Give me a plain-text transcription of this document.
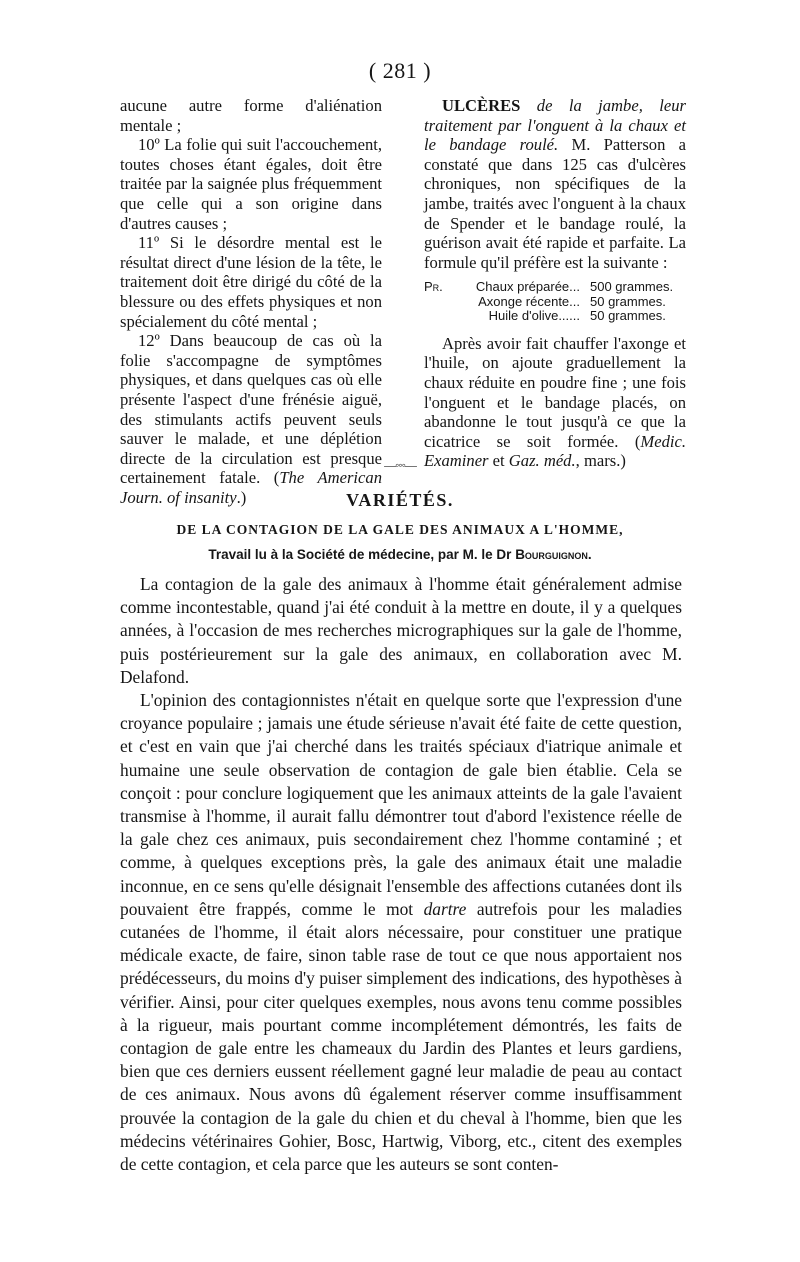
( 281 )

aucune autre forme d'aliénation mentale ;

10º La folie qui suit l'accouchement, toutes choses étant égales, doit être traitée par la saignée plus fréquemment que celle qui a son origine dans d'autres causes ;

11º Si le désordre mental est le résultat direct d'une lésion de la tête, le traitement doit être dirigé du côté de la blessure ou des effets physiques et non spécialement du côté mental ;

12º Dans beaucoup de cas où la folie s'accompagne de symptômes physiques, et dans quelques cas où elle présente l'aspect d'une frénésie aiguë, des stimulants actifs peuvent seuls sauver le malade, et une déplétion directe de la circulation est presque certainement fatale. (The American Journ. of insanity.)

ULCÈRES de la jambe, leur traitement par l'onguent à la chaux et le bandage roulé. M. Patterson a constaté que dans 125 cas d'ulcères chroniques, non spécifiques de la jambe, traités avec l'onguent à la chaux de Spender et le bandage roulé, la guérison avait été rapide et parfaite. La formule qu'il préfère est la suivante :

Pr.	Chaux préparée... 500 grammes.
Axonge récente... 50 grammes.
Huile d'olive...... 50 grammes.

Après avoir fait chauffer l'axonge et l'huile, on ajoute graduellement la chaux réduite en poudre fine ; une fois l'onguent et le bandage placés, on abandonne le tout jusqu'à ce que la cicatrice se soit formée. (Medic. Examiner et Gaz. méd., mars.)

—◦◦◦—
VARIÉTÉS.
DE LA CONTAGION DE LA GALE DES ANIMAUX A L'HOMME,
Travail lu à la Société de médecine, par M. le Dr Bourguignon.

La contagion de la gale des animaux à l'homme était généralement admise comme incontestable, quand j'ai été conduit à la mettre en doute, il y a quelques années, à l'occasion de mes recherches micrographiques sur la gale de l'homme, puis postérieurement sur la gale des animaux, en collaboration avec M. Delafond.

L'opinion des contagionnistes n'était en quelque sorte que l'expression d'une croyance populaire ; jamais une étude sérieuse n'avait été faite de cette question, et c'est en vain que j'ai cherché dans les traités spéciaux d'iatrique animale et humaine une seule observation de contagion de gale bien établie. Cela se conçoit : pour conclure logiquement que les animaux atteints de la gale l'avaient transmise à l'homme, il aurait fallu démontrer tout d'abord l'existence réelle de la gale chez ces animaux, puis secondairement chez l'homme contaminé ; et comme, à quelques exceptions près, la gale des animaux était une maladie inconnue, en ce sens qu'elle désignait l'ensemble des affections cutanées dont ils pouvaient être frappés, comme le mot dartre autrefois pour les maladies cutanées de l'homme, il était alors nécessaire, pour constituer une pratique médicale exacte, de faire, sinon table rase de tout ce que nous apportaient nos prédécesseurs, du moins d'y puiser simplement des indications, des hypothèses à vérifier. Ainsi, pour citer quelques exemples, nous avons tenu comme possibles à la rigueur, mais pourtant comme incomplétement démontrés, les faits de contagion de gale entre les chameaux du Jardin des Plantes et leurs gardiens, bien que ces derniers eussent réellement gagné leur maladie de peau au contact de ces animaux. Nous avons dû également réserver comme insuffisamment prouvée la contagion de la gale du chien et du cheval à l'homme, bien que les médecins vétérinaires Gohier, Bosc, Hartwig, Viborg, etc., citent des exemples de cette contagion, et cela parce que les auteurs se sont conten-
